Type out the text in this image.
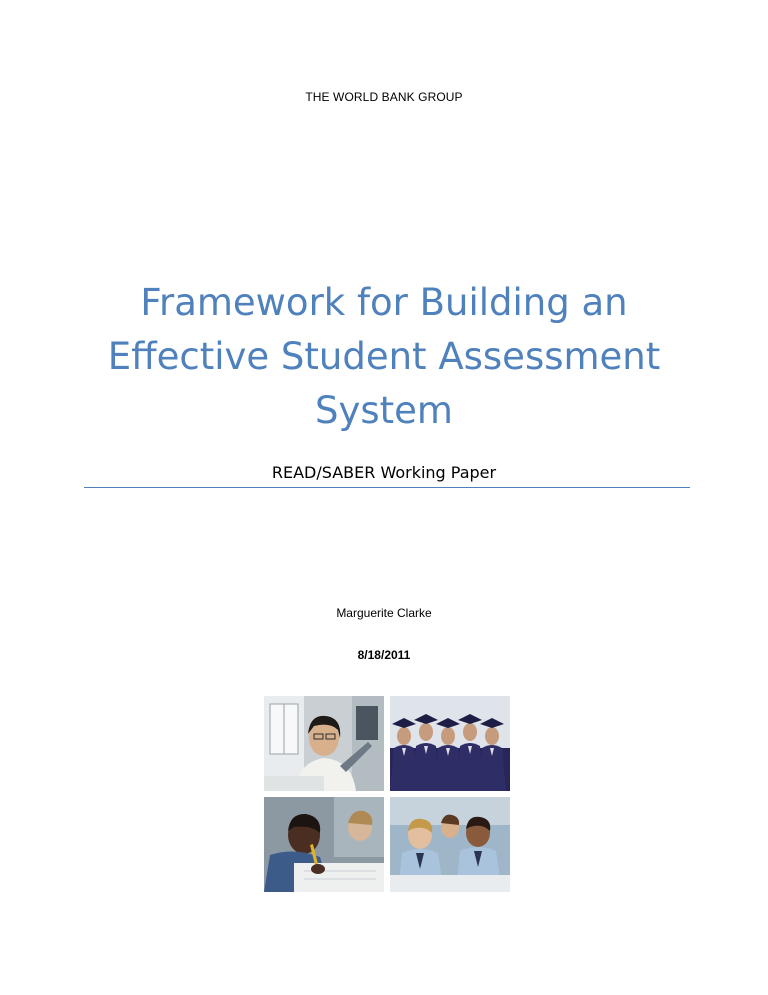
THE WORLD BANK GROUP
Framework for Building an
Effective Student Assessment
System
READ/SABER Working Paper
Marguerite Clarke
8/18/2011
